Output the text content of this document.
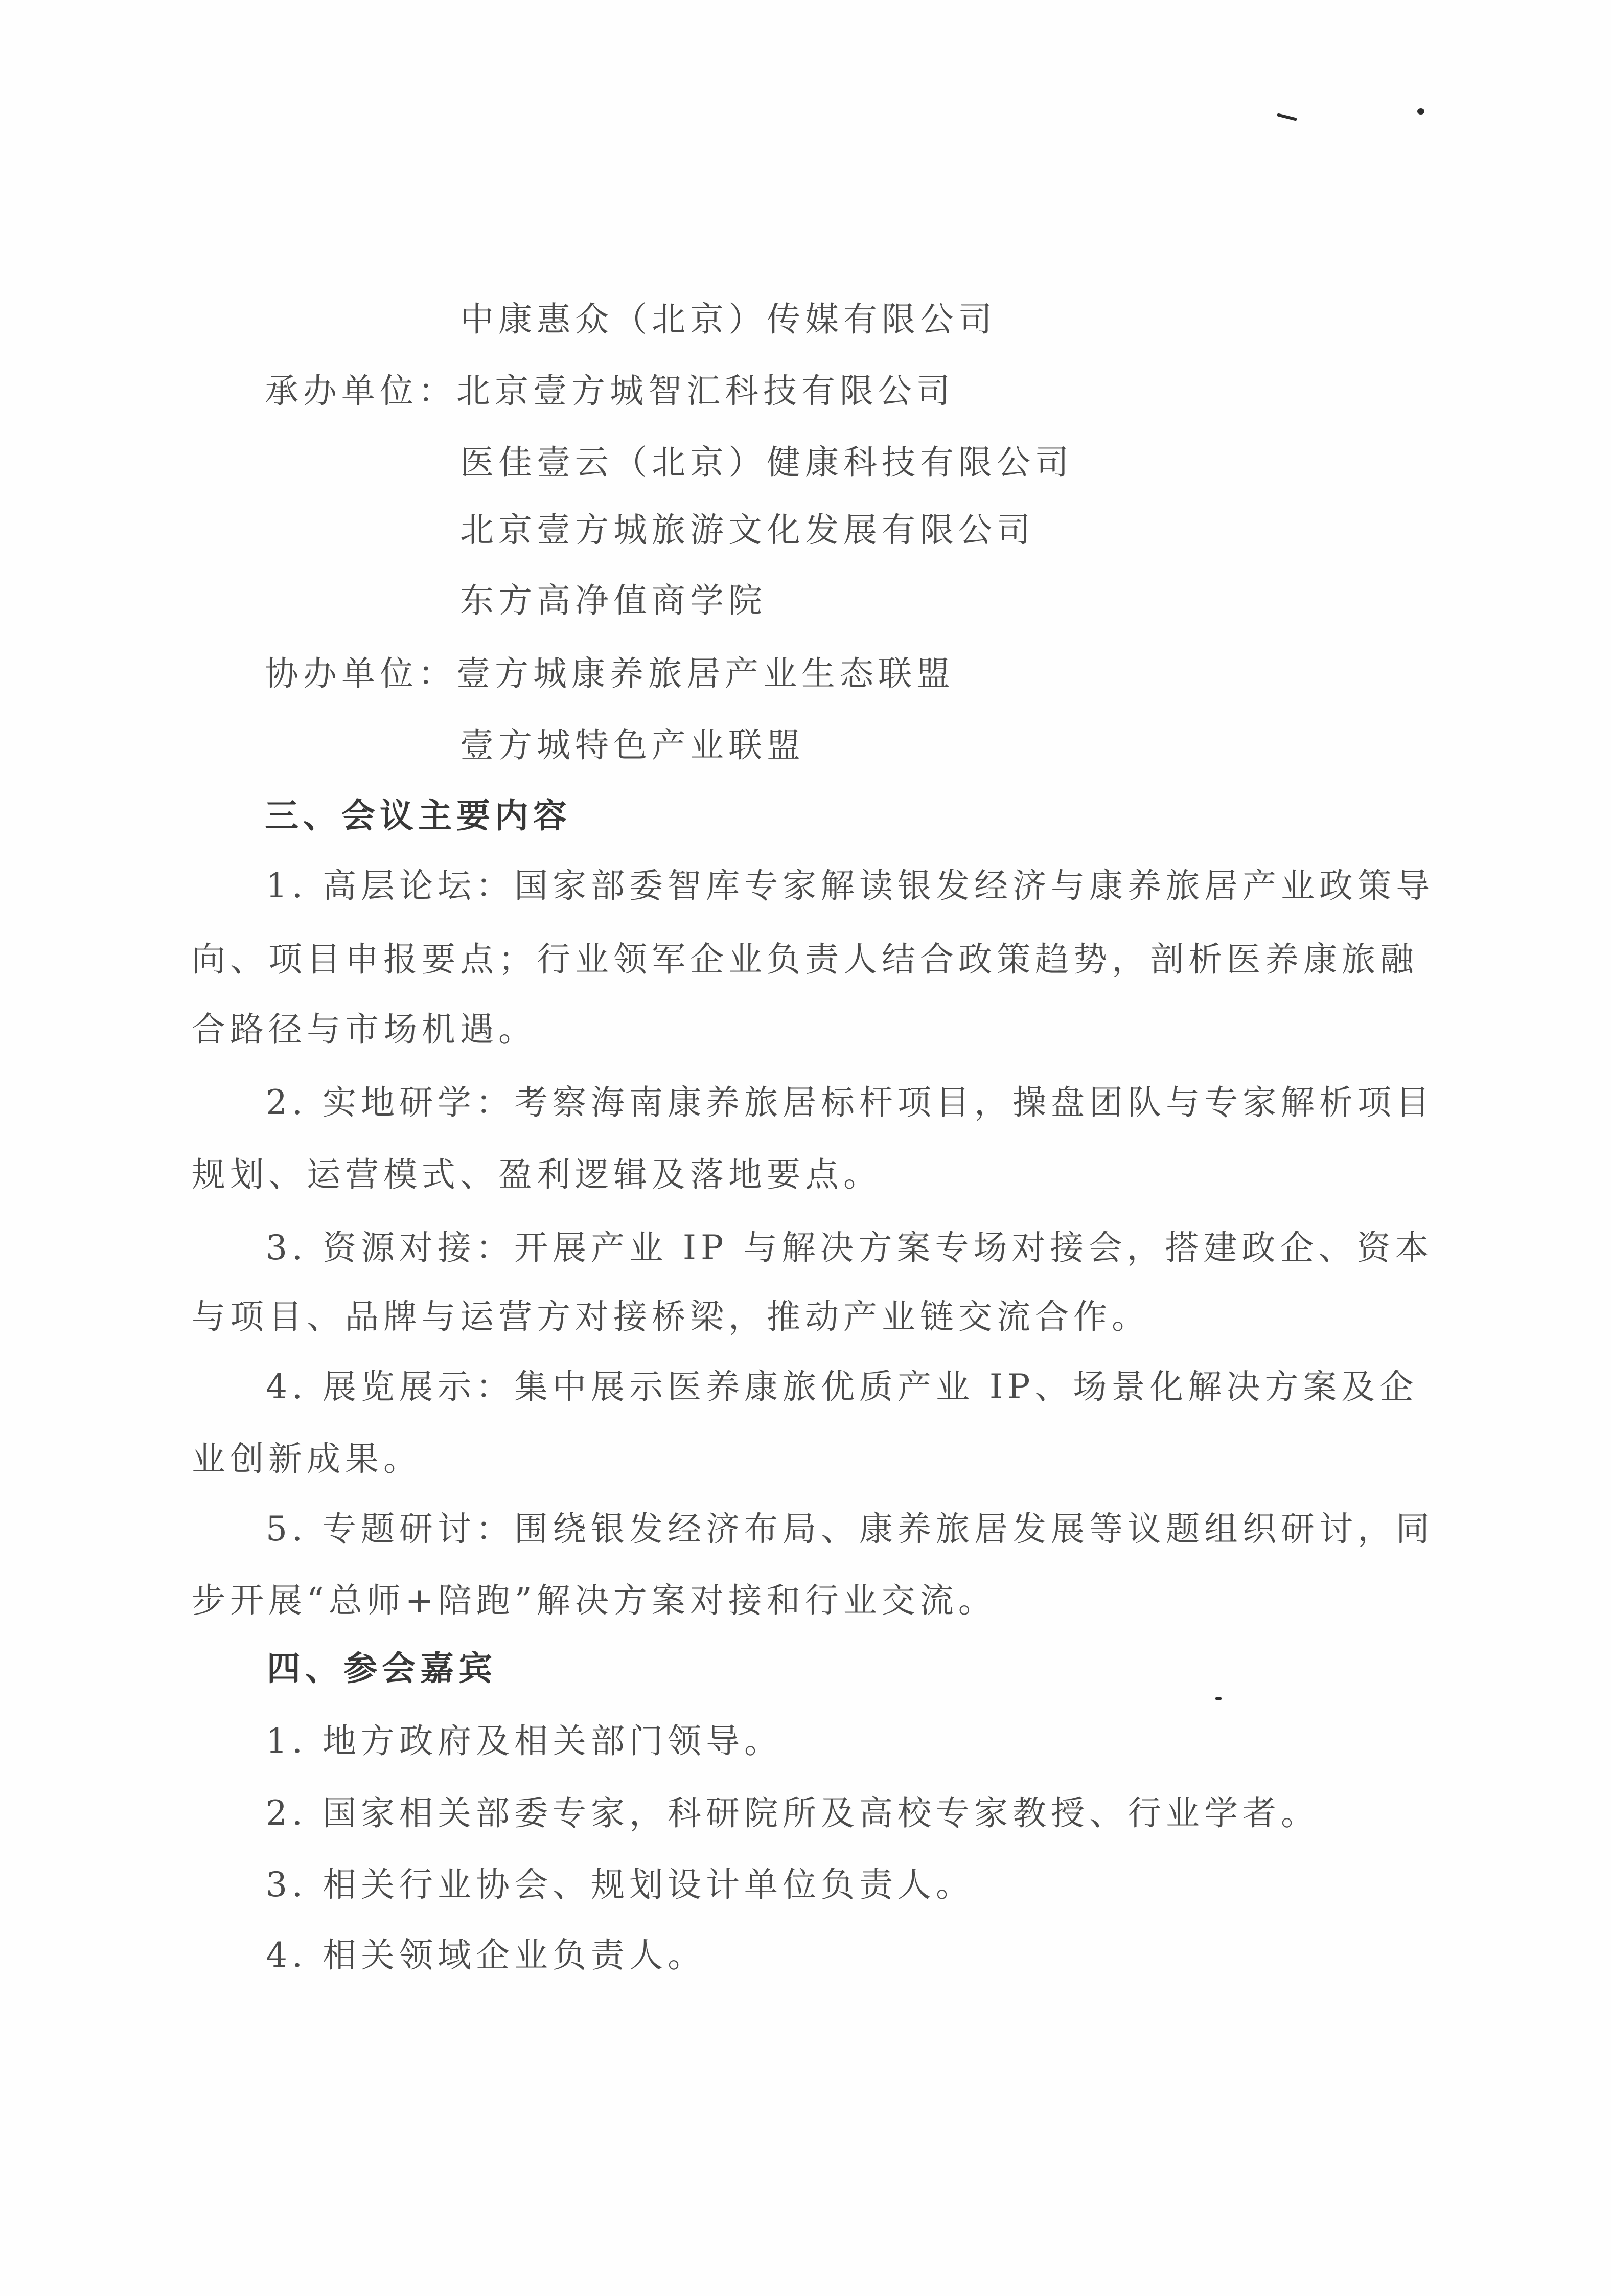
中康惠众（北京）传媒有限公司
承办单位：北京壹方城智汇科技有限公司
医佳壹云（北京）健康科技有限公司
北京壹方城旅游文化发展有限公司
东方高净值商学院
协办单位：壹方城康养旅居产业生态联盟
壹方城特色产业联盟
三、会议主要内容
1. 高层论坛：国家部委智库专家解读银发经济与康养旅居产业政策导
向、项目申报要点；行业领军企业负责人结合政策趋势，剖析医养康旅融
合路径与市场机遇。
2. 实地研学：考察海南康养旅居标杆项目，操盘团队与专家解析项目
规划、运营模式、盈利逻辑及落地要点。
3. 资源对接：开展产业 IP 与解决方案专场对接会，搭建政企、资本
与项目、品牌与运营方对接桥梁，推动产业链交流合作。
4. 展览展示：集中展示医养康旅优质产业 IP、场景化解决方案及企
业创新成果。
5. 专题研讨：围绕银发经济布局、康养旅居发展等议题组织研讨，同
步开展“总师+陪跑”解决方案对接和行业交流。
四、参会嘉宾
1. 地方政府及相关部门领导。
2. 国家相关部委专家，科研院所及高校专家教授、行业学者。
3. 相关行业协会、规划设计单位负责人。
4. 相关领域企业负责人。
